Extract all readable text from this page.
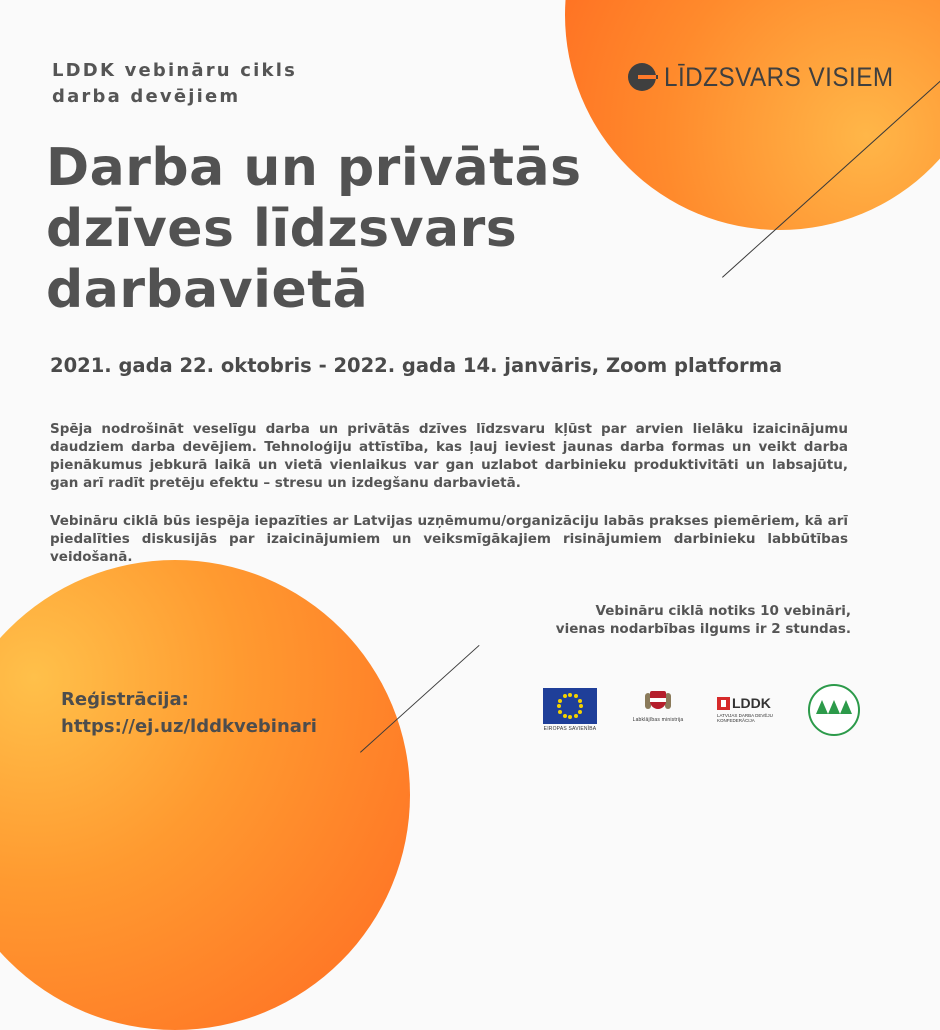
LDDK vebināru cikls
darba devējiem
LĪDZSVARS VISIEM
Darba un privātās
dzīves līdzsvars
darbavietā
2021. gada 22. oktobris - 2022. gada 14. janvāris, Zoom platforma

Spēja nodrošināt veselīgu darba un privātās dzīves līdzsvaru kļūst par arvien lielāku izaicinājumu daudziem darba devējiem. Tehnoloģiju attīstība, kas ļauj ieviest jaunas darba formas un veikt darba pienākumus jebkurā laikā un vietā vienlaikus var gan uzlabot darbinieku produktivitāti un labsajūtu, gan arī radīt pretēju efektu – stresu un izdegšanu darbavietā.

Vebināru ciklā būs iespēja iepazīties ar Latvijas uzņēmumu/organizāciju labās prakses piemēriem, kā arī piedalīties diskusijās par izaicinājumiem un veiksmīgākajiem risinājumiem darbinieku labbūtības veidošanā.

Vebināru ciklā notiks 10 vebināri,
vienas nodarbības ilgums ir 2 stundas.
Reģistrācija:
https://ej.uz/lddkvebinari	EIROPAS SAVIENĪBA
Labklājības ministrija
LDDK
LATVIJAS DARBA DEVĒJU
KONFEDERĀCIJA
